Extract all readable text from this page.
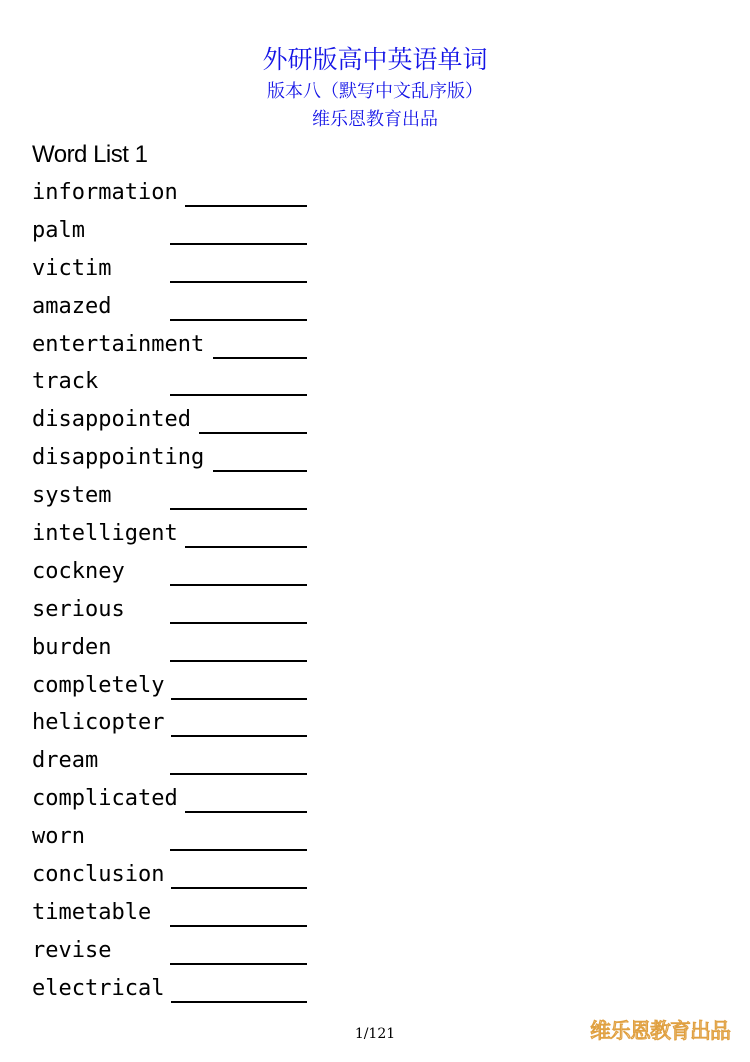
外研版高中英语单词
版本八（默写中文乱序版）
维乐恩教育出品
Word List 1
information
palm
victim
amazed
entertainment
track
disappointed
disappointing
system
intelligent
cockney
serious
burden
completely
helicopter
dream
complicated
worn
conclusion
timetable
revise
electrical
1/121	维乐恩教育出品
